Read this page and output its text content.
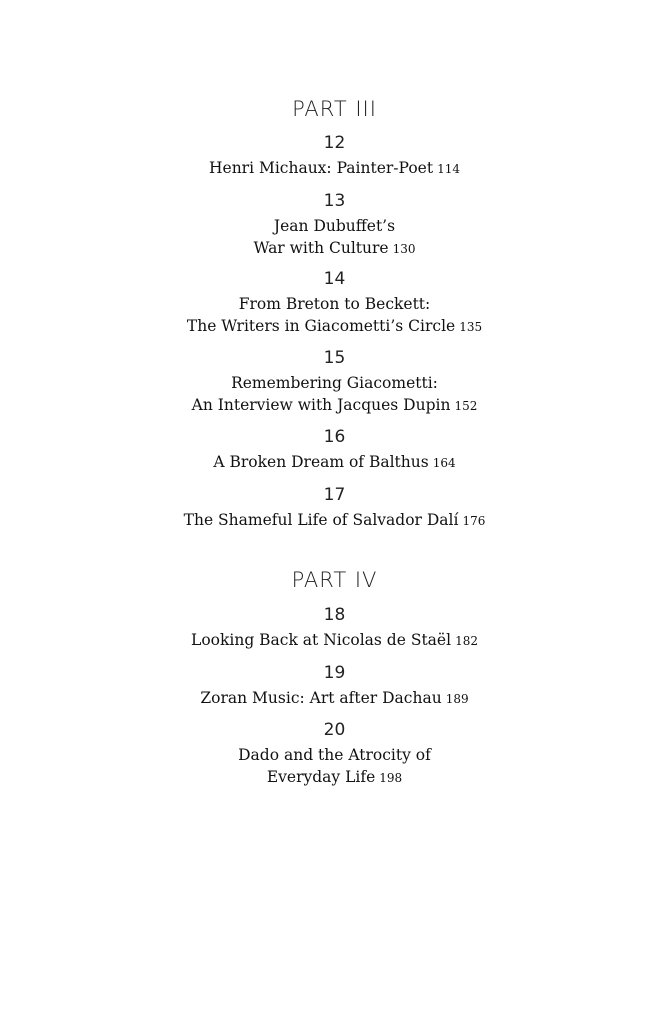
PART III
12
Henri Michaux: Painter-Poet 114
13
Jean Dubuffet’s
War with Culture 130
14
From Breton to Beckett:
The Writers in Giacometti’s Circle 135
15
Remembering Giacometti:
An Interview with Jacques Dupin 152
16
A Broken Dream of Balthus 164
17
The Shameful Life of Salvador Dalí 176
PART IV
18
Looking Back at Nicolas de Staël 182
19
Zoran Music: Art after Dachau 189
20
Dado and the Atrocity of
Everyday Life 198
